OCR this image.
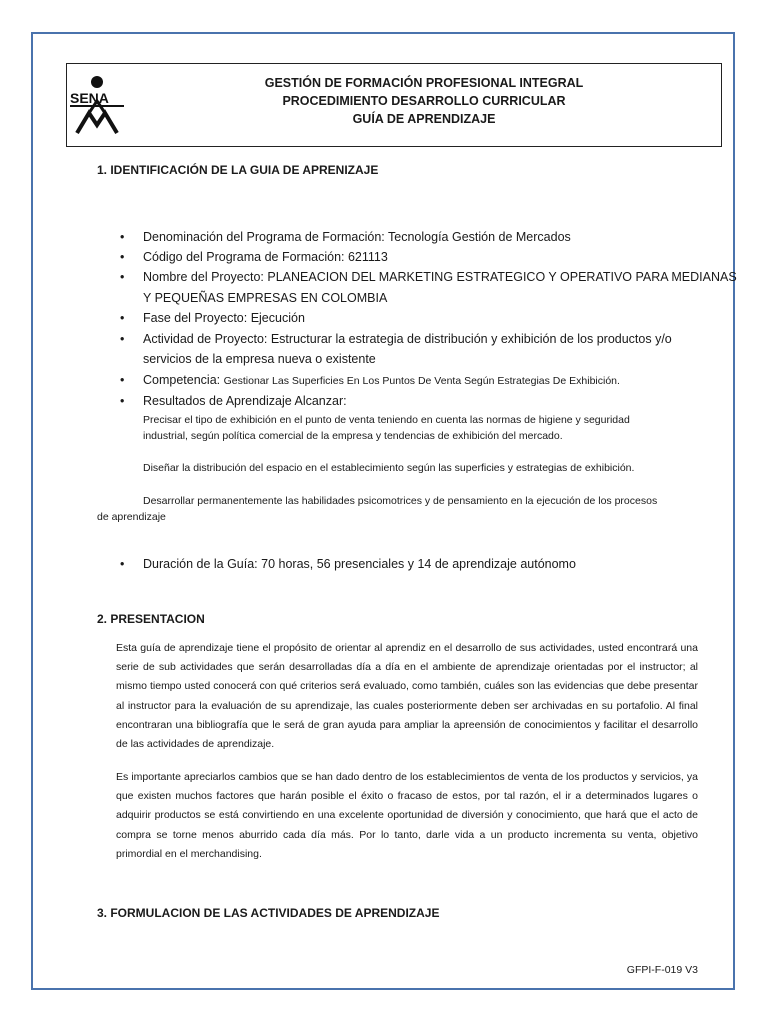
SENA
GESTIÓN DE FORMACIÓN PROFESIONAL INTEGRAL
PROCEDIMIENTO DESARROLLO CURRICULAR
GUÍA DE APRENDIZAJE
1. IDENTIFICACIÓN DE LA GUIA DE APRENIZAJE
Denominación del Programa de Formación: Tecnología Gestión de Mercados
Código del Programa de Formación: 621113
Nombre del Proyecto: PLANEACION DEL MARKETING ESTRATEGICO Y OPERATIVO PARA MEDIANAS
Y PEQUEÑAS EMPRESAS EN COLOMBIA
Fase del Proyecto: Ejecución
Actividad de Proyecto: Estructurar la estrategia de distribución y exhibición de los productos y/o
servicios de la empresa nueva o existente
Competencia: Gestionar Las Superficies En Los Puntos De Venta Según Estrategias De Exhibición.
Resultados de Aprendizaje Alcanzar:
Precisar el tipo de exhibición en el punto de venta teniendo en cuenta las normas de higiene y seguridad
industrial, según política comercial de la empresa y tendencias de exhibición del mercado.
Diseñar la distribución del espacio en el establecimiento según las superficies y estrategias de exhibición.
Desarrollar permanentemente las habilidades psicomotrices y de pensamiento en la ejecución de los procesos
de aprendizaje
Duración de la Guía: 70 horas, 56 presenciales y 14 de aprendizaje autónomo
2. PRESENTACION
Esta guía de aprendizaje tiene el propósito de orientar al aprendiz en el desarrollo de sus actividades, usted encontrará una serie de sub actividades que serán desarrolladas día a día en el ambiente de aprendizaje orientadas por el instructor; al mismo tiempo usted conocerá con qué criterios será evaluado, como también, cuáles son las evidencias que debe presentar al instructor para la evaluación de su aprendizaje, las cuales posteriormente deben ser archivadas en su portafolio. Al final encontraran una bibliografía que le será de gran ayuda para ampliar la apreensión de conocimientos y facilitar el desarrollo de las actividades de aprendizaje.
Es importante apreciarlos cambios que se han dado dentro de los establecimientos de venta de los productos y servicios, ya que existen muchos factores que harán posible el éxito o fracaso de estos, por tal razón, el ir a determinados lugares o adquirir productos se está convirtiendo en una excelente oportunidad de diversión y conocimiento, que hará que el acto de compra se torne menos aburrido cada día más. Por lo tanto, darle vida a un producto incrementa su venta, objetivo primordial en el merchandising.
3. FORMULACION DE LAS ACTIVIDADES DE APRENDIZAJE
GFPI-F-019 V3
